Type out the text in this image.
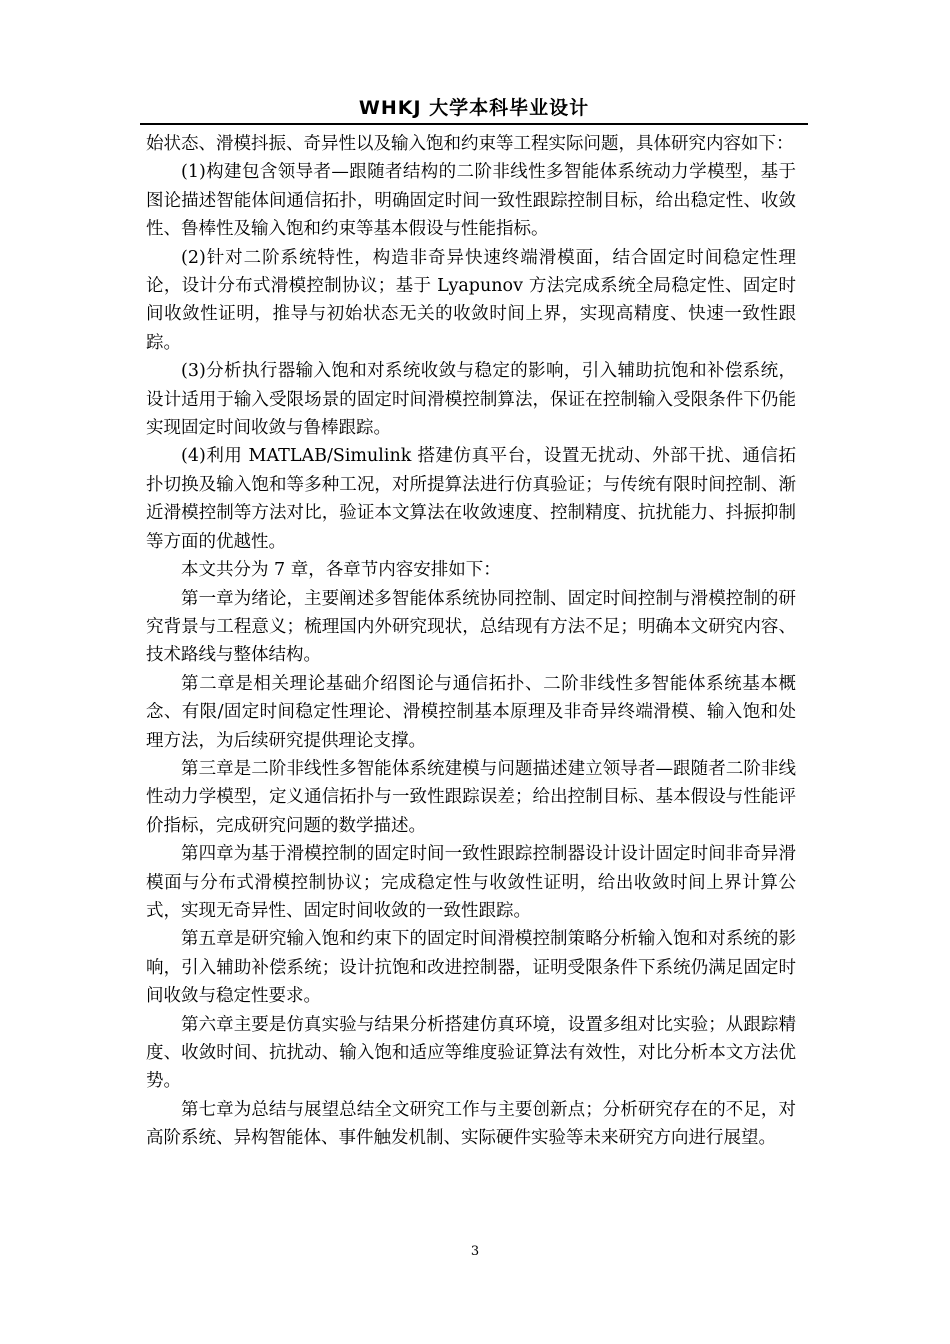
WHKJ 大学本科毕业设计

始状态、滑模抖振、奇异性以及输入饱和约束等工程实际问题，具体研究内容如下：

(1)构建包含领导者—跟随者结构的二阶非线性多智能体系统动力学模型，基于图论描述智能体间通信拓扑，明确固定时间一致性跟踪控制目标，给出稳定性、收敛性、鲁棒性及输入饱和约束等基本假设与性能指标。

(2)针对二阶系统特性，构造非奇异快速终端滑模面，结合固定时间稳定性理论，设计分布式滑模控制协议；基于 Lyapunov 方法完成系统全局稳定性、固定时间收敛性证明，推导与初始状态无关的收敛时间上界，实现高精度、快速一致性跟踪。

(3)分析执行器输入饱和对系统收敛与稳定的影响，引入辅助抗饱和补偿系统，设计适用于输入受限场景的固定时间滑模控制算法，保证在控制输入受限条件下仍能实现固定时间收敛与鲁棒跟踪。

(4)利用 MATLAB/Simulink 搭建仿真平台，设置无扰动、外部干扰、通信拓扑切换及输入饱和等多种工况，对所提算法进行仿真验证；与传统有限时间控制、渐近滑模控制等方法对比，验证本文算法在收敛速度、控制精度、抗扰能力、抖振抑制等方面的优越性。

本文共分为 7 章，各章节内容安排如下：

第一章为绪论，主要阐述多智能体系统协同控制、固定时间控制与滑模控制的研究背景与工程意义；梳理国内外研究现状，总结现有方法不足；明确本文研究内容、技术路线与整体结构。

第二章是相关理论基础介绍图论与通信拓扑、二阶非线性多智能体系统基本概念、有限/固定时间稳定性理论、滑模控制基本原理及非奇异终端滑模、输入饱和处理方法，为后续研究提供理论支撑。

第三章是二阶非线性多智能体系统建模与问题描述建立领导者—跟随者二阶非线性动力学模型，定义通信拓扑与一致性跟踪误差；给出控制目标、基本假设与性能评价指标，完成研究问题的数学描述。

第四章为基于滑模控制的固定时间一致性跟踪控制器设计设计固定时间非奇异滑模面与分布式滑模控制协议；完成稳定性与收敛性证明，给出收敛时间上界计算公式，实现无奇异性、固定时间收敛的一致性跟踪。

第五章是研究输入饱和约束下的固定时间滑模控制策略分析输入饱和对系统的影响，引入辅助补偿系统；设计抗饱和改进控制器，证明受限条件下系统仍满足固定时间收敛与稳定性要求。

第六章主要是仿真实验与结果分析搭建仿真环境，设置多组对比实验；从跟踪精度、收敛时间、抗扰动、输入饱和适应等维度验证算法有效性，对比分析本文方法优势。

第七章为总结与展望总结全文研究工作与主要创新点；分析研究存在的不足，对高阶系统、异构智能体、事件触发机制、实际硬件实验等未来研究方向进行展望。

3
